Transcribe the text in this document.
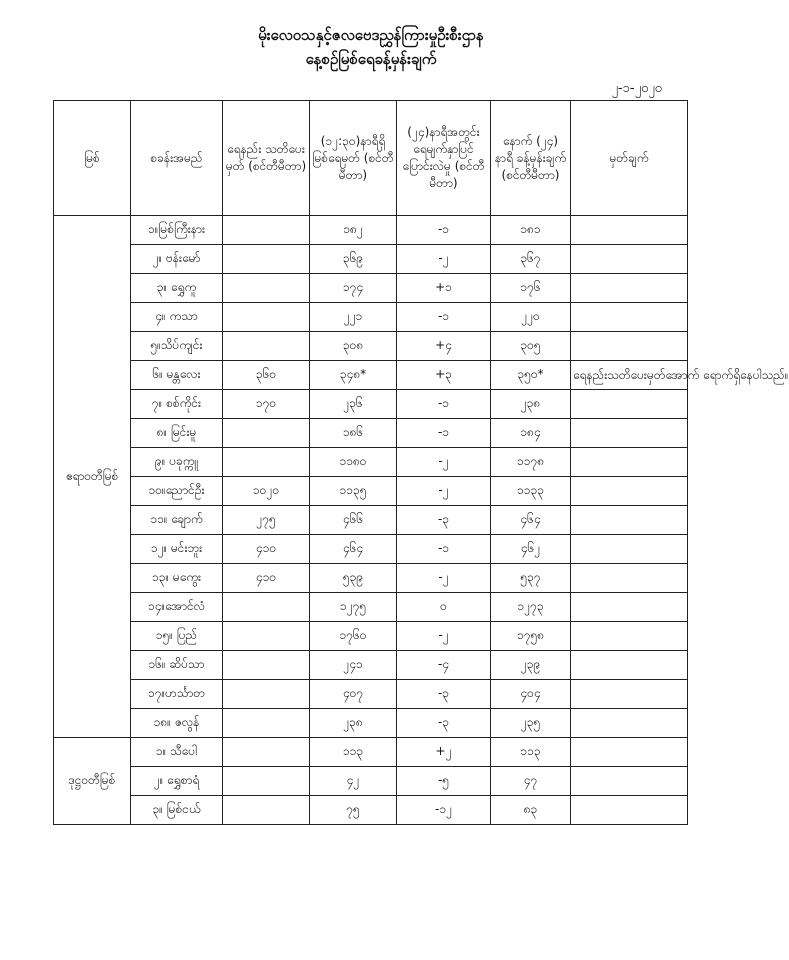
မိုးလေဝသနှင့်ဇလဗေဒညွှန်ကြားမှုဦးစီးဌာန
နေ့စဉ်မြစ်ရေခန့်မှန်းချက်
၂-၁-၂၀၂၀
မြစ်	စခန်းအမည်	ရေနည်း သတိပေးမှတ် (စင်တီမီတာ)	(၁၂:၃၀)နာရီရှိ မြစ်ရေမှတ် (စင်တီမီတာ)	(၂၄)နာရီအတွင်း ရေမျက်နှာပြင် ပြောင်းလဲမှု (စင်တီမီတာ)	နောက် (၂၄) နာရီ ခန့်မှန်းချက် (စင်တီမီတာ)	မှတ်ချက်
ဧရာဝတီမြစ်	၁။မြစ်ကြီးနား		၁၈၂	-၁	၁၈၁	
	၂။ ဗန်းမော်		၃၆၉	-၂	၃၆၇	
	၃။ ရွှေကူ		၁၇၄	+၁	၁၇၆	
	၄။ ကသာ		၂၂၁	-၁	၂၂၀	
	၅။သိပ်ကျင်း		၃၀၈	+၄	၃၀၅	
	၆။ မန္တလေး	၃၆၀	၃၄၈*	+၃	၃၅၀*	ရေနည်းသတိပေးမှတ်အောက် ရောက်ရှိနေပါသည်။
	၇။ စစ်ကိုင်း	၁၇၀	၂၃၆	-၁	၂၃၈	
	၈။ မြင်းမူ		၁၈၆	-၁	၁၈၄	
	၉။ ပခုက္ကူ		၁၁၈၀	-၂	၁၁၇၈	
	၁၀။ညောင်ဦး	၁၀၂၀	၁၁၃၅	-၂	၁၁၃၃	
	၁၁။ ချောက်	၂၇၅	၄၆၆	-၃	၄၆၄	
	၁၂။ မင်းဘူး	၄၁၀	၄၆၄	-၁	၄၆၂	
	၁၃။ မကွေး	၄၁၀	၅၃၉	-၂	၅၃၇	
	၁၄။အောင်လံ		၁၂၇၅	၀	၁၂၇၃	
	၁၅။ ပြည်		၁၇၆၀	-၂	၁၇၅၈	
	၁၆။ ဆိပ်သာ		၂၄၁	-၄	၂၃၉	
	၁၇။ဟင်္သာတ		၄၀၇	-၃	၄၀၄	
	၁၈။ ဇလွန်		၂၃၈	-၃	၂၃၅	
ဒုဋ္ဌဝတီမြစ်	၁။ သီပေါ		၁၁၃	+၂	၁၁၃	
	၂။ ရွှေစာရံ		၄၂	-၅	၄၇	
	၃။ မြစ်ငယ်		၇၅	-၁၂	၈၃	
